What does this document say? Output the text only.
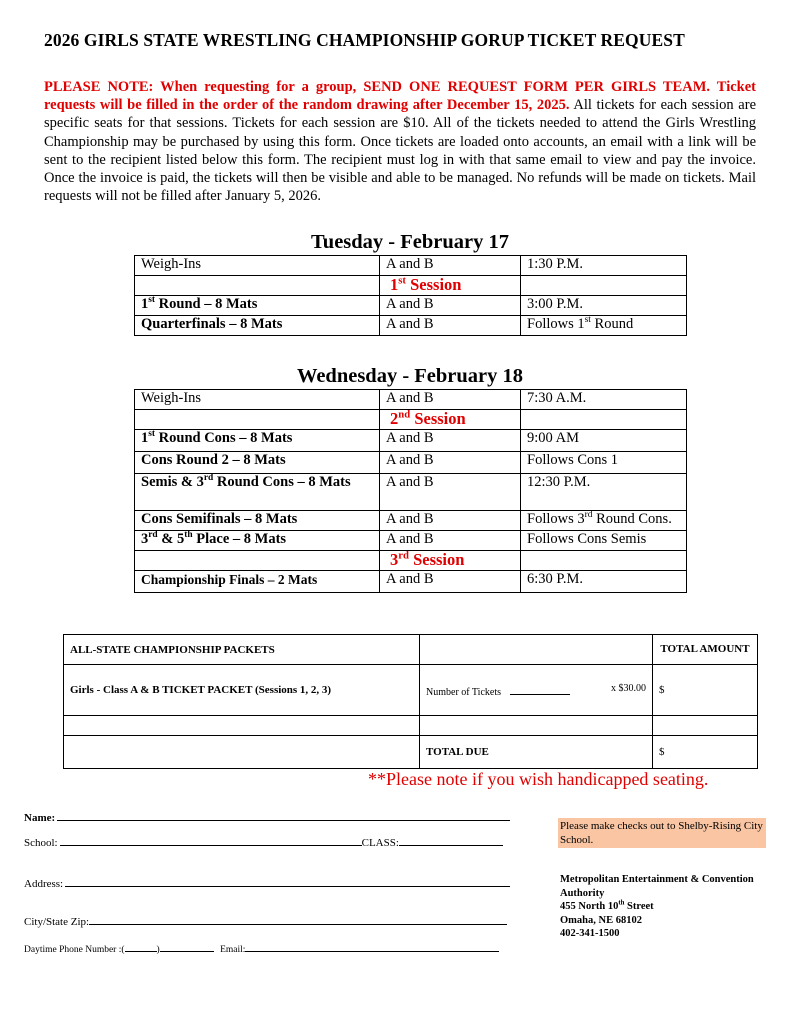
2026 GIRLS STATE WRESTLING CHAMPIONSHIP GORUP TICKET REQUEST
PLEASE NOTE: When requesting for a group, SEND ONE REQUEST FORM PER GIRLS TEAM. Ticket requests will be filled in the order of the random drawing after December 15, 2025. All tickets for each session are specific seats for that sessions. Tickets for each session are $10. All of the tickets needed to attend the Girls Wrestling Championship may be purchased by using this form. Once tickets are loaded onto accounts, an email with a link will be sent to the recipient listed below this form. The recipient must log in with that same email to view and pay the invoice. Once the invoice is paid, the tickets will then be visible and able to be managed. No refunds will be made on tickets. Mail requests will not be filled after January 5, 2026.
Tuesday - February 17
Weigh-Ins	A and B	1:30 P.M.
	1st Session	
1st Round – 8 Mats	A and B	3:00 P.M.
Quarterfinals – 8 Mats	A and B	Follows 1st Round
Wednesday - February 18
Weigh-Ins	A and B	7:30 A.M.
	2nd Session	
1st Round Cons – 8 Mats	A and B	9:00 AM
Cons Round 2 – 8 Mats	A and B	Follows Cons 1
Semis & 3rd Round Cons – 8 Mats	A and B	12:30 P.M.
Cons Semifinals – 8 Mats	A and B	Follows 3rd Round Cons.
3rd & 5th Place – 8 Mats	A and B	Follows Cons Semis
	3rd Session	
Championship Finals – 2 Mats	A and B	6:30 P.M.
ALL-STATE CHAMPIONSHIP PACKETS		TOTAL AMOUNT
Girls - Class A & B TICKET PACKET (Sessions 1, 2, 3)	Number of Tickets x $30.00	$

	TOTAL DUE	$
**Please note if you wish handicapped seating.
Name:
School:	CLASS:
Address:
City/State Zip:
Daytime Phone Number :(	)	Email:
Please make checks out to Shelby-Rising City School.
Metropolitan Entertainment & Convention Authority
455 North 10th Street
Omaha, NE 68102
402-341-1500
